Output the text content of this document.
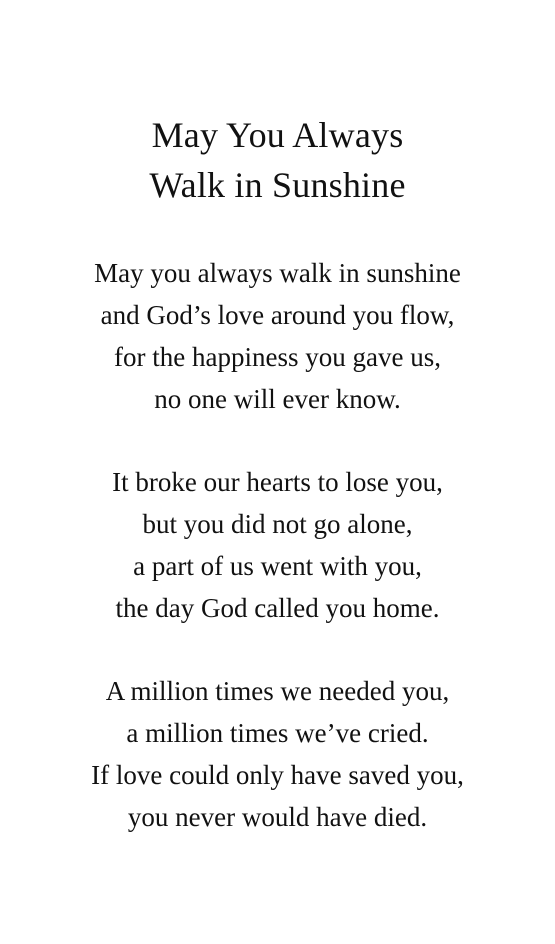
May You Always
Walk in Sunshine
May you always walk in sunshine
and God’s love around you flow,
for the happiness you gave us,
no one will ever know.
It broke our hearts to lose you,
but you did not go alone,
a part of us went with you,
the day God called you home.
A million times we needed you,
a million times we’ve cried.
If love could only have saved you,
you never would have died.
